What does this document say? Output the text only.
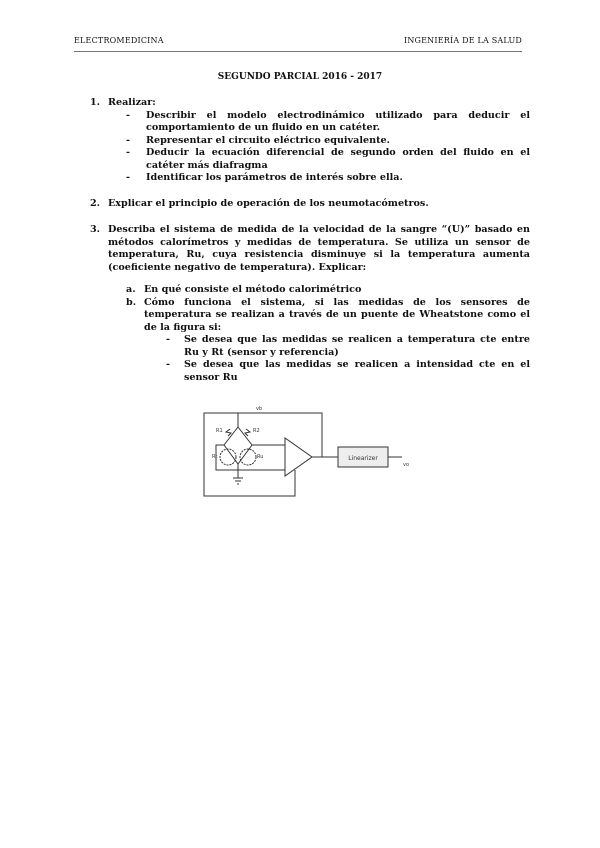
ELECTROMEDICINA	INGENIERÍA DE LA SALUD
SEGUNDO PARCIAL 2016 - 2017
1. Realizar:
- Describir el modelo electrodinámico utilizado para deducir el comportamiento de un fluido en un catéter.
- Representar el circuito eléctrico equivalente.
- Deducir la ecuación diferencial de segundo orden del fluido en el catéter más diafragma
- Identificar los parámetros de interés sobre ella.
2. Explicar el principio de operación de los neumotacómetros.
3. Describa el sistema de medida de la velocidad de la sangre “(U)” basado en métodos calorímetros y medidas de temperatura. Se utiliza un sensor de temperatura, Ru, cuya resistencia disminuye si la temperatura aumenta (coeficiente negativo de temperatura). Explicar:
a. En qué consiste el método calorimétrico
b. Cómo funciona el sistema, si las medidas de los sensores de temperatura se realizan a través de un puente de Wheatstone como el de la figura si:
- Se desea que las medidas se realicen a temperatura cte entre Ru y Rt (sensor y referencia)
- Se desea que las medidas se realicen a intensidad cte en el sensor Ru
Linearizer
vb
vo
R1	R2
Rt	Ru
